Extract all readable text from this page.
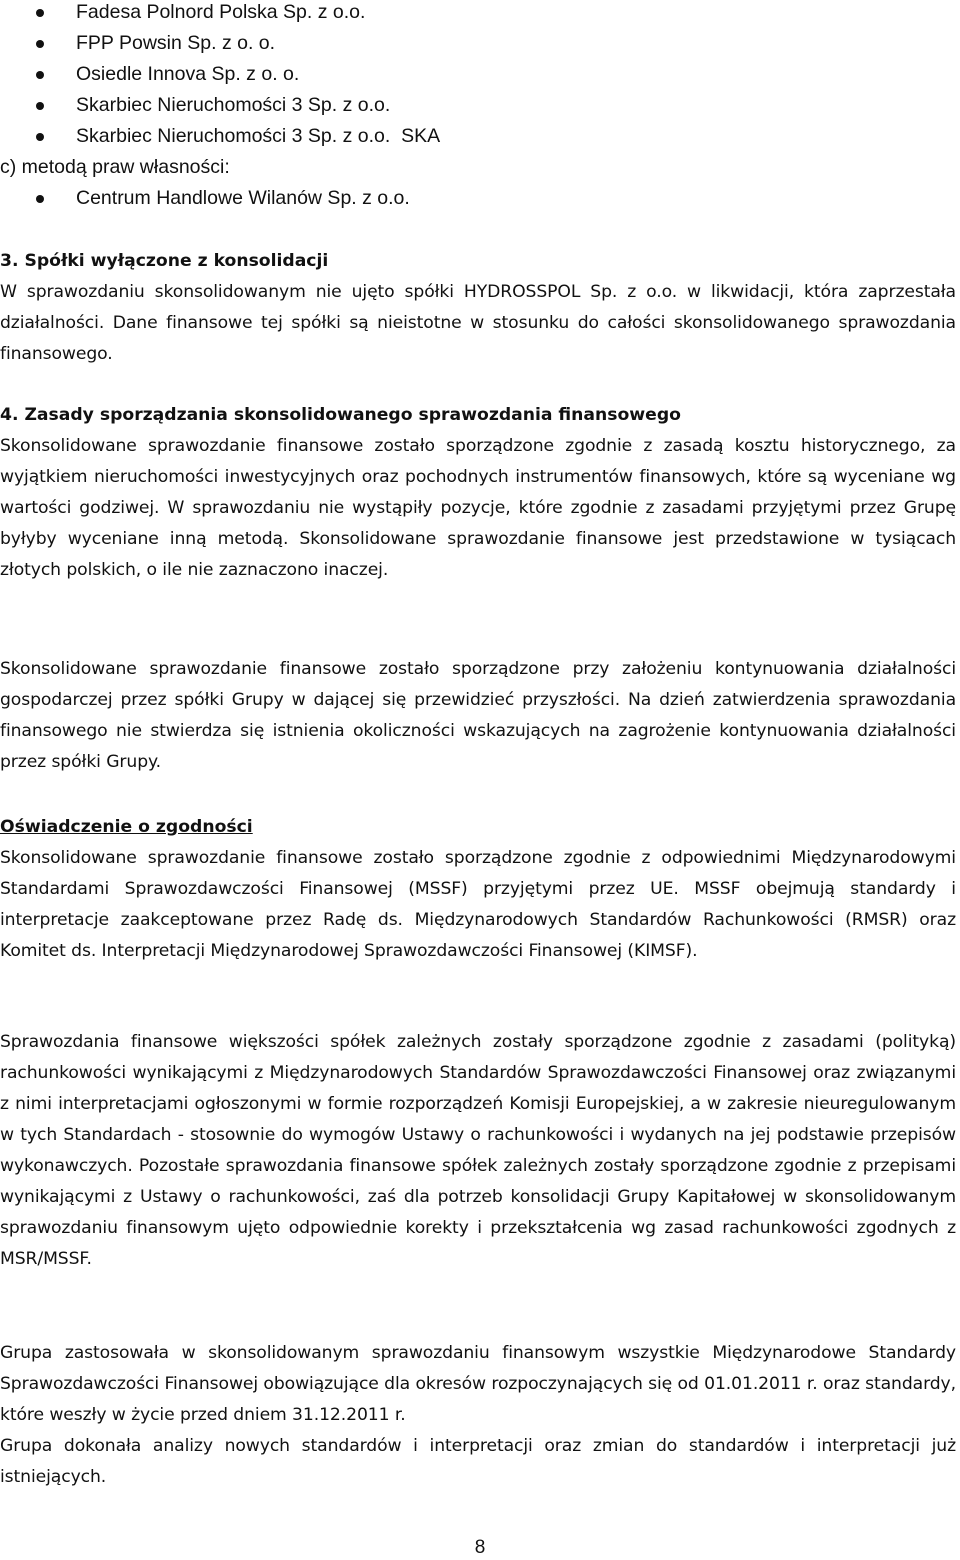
Fadesa Polnord Polska Sp. z o.o.
FPP Powsin Sp. z o. o.
Osiedle Innova Sp. z o. o.
Skarbiec Nieruchomości 3 Sp. z o.o.
Skarbiec Nieruchomości 3 Sp. z o.o.  SKA
c) metodą praw własności:
Centrum Handlowe Wilanów Sp. z o.o.

3. Spółki wyłączone z konsolidacji

W sprawozdaniu skonsolidowanym nie ujęto spółki HYDROSSPOL Sp. z o.o. w likwidacji, która zaprzestała działalności. Dane finansowe tej spółki są nieistotne w stosunku do całości skonsolidowanego sprawozdania finansowego.

4. Zasady sporządzania skonsolidowanego sprawozdania finansowego

Skonsolidowane sprawozdanie finansowe zostało sporządzone zgodnie z zasadą kosztu historycznego, za wyjątkiem nieruchomości inwestycyjnych oraz pochodnych instrumentów finansowych, które są wyceniane wg wartości godziwej. W sprawozdaniu nie wystąpiły pozycje, które zgodnie z zasadami przyjętymi przez Grupę byłyby wyceniane inną metodą. Skonsolidowane sprawozdanie finansowe jest przedstawione w tysiącach złotych polskich, o ile nie zaznaczono inaczej.

Skonsolidowane sprawozdanie finansowe zostało sporządzone przy założeniu kontynuowania działalności gospodarczej przez spółki Grupy w dającej się przewidzieć przyszłości. Na dzień zatwierdzenia sprawozdania finansowego nie stwierdza się istnienia okoliczności wskazujących na zagrożenie kontynuowania działalności przez spółki Grupy.

Oświadczenie o zgodności

Skonsolidowane sprawozdanie finansowe zostało sporządzone zgodnie z odpowiednimi Międzynarodowymi Standardami Sprawozdawczości Finansowej (MSSF) przyjętymi przez UE. MSSF obejmują standardy i interpretacje zaakceptowane przez Radę ds. Międzynarodowych Standardów Rachunkowości (RMSR) oraz Komitet ds. Interpretacji Międzynarodowej Sprawozdawczości Finansowej (KIMSF).

Sprawozdania finansowe większości spółek zależnych zostały sporządzone zgodnie z zasadami (polityką) rachunkowości wynikającymi z Międzynarodowych Standardów Sprawozdawczości Finansowej oraz związanymi z nimi interpretacjami ogłoszonymi w formie rozporządzeń Komisji Europejskiej, a w zakresie nieuregulowanym w tych Standardach - stosownie do wymogów Ustawy o rachunkowości i wydanych na jej podstawie przepisów wykonawczych. Pozostałe sprawozdania finansowe spółek zależnych zostały sporządzone zgodnie z przepisami wynikającymi z Ustawy o rachunkowości, zaś dla potrzeb konsolidacji Grupy Kapitałowej w skonsolidowanym sprawozdaniu finansowym ujęto odpowiednie korekty i przekształcenia wg zasad rachunkowości zgodnych z MSR/MSSF.

Grupa zastosowała w skonsolidowanym sprawozdaniu finansowym wszystkie Międzynarodowe Standardy Sprawozdawczości Finansowej obowiązujące dla okresów rozpoczynających się od 01.01.2011 r. oraz standardy, które weszły w życie przed dniem 31.12.2011 r.

Grupa dokonała analizy nowych standardów i interpretacji oraz zmian do standardów i interpretacji już istniejących.

8
